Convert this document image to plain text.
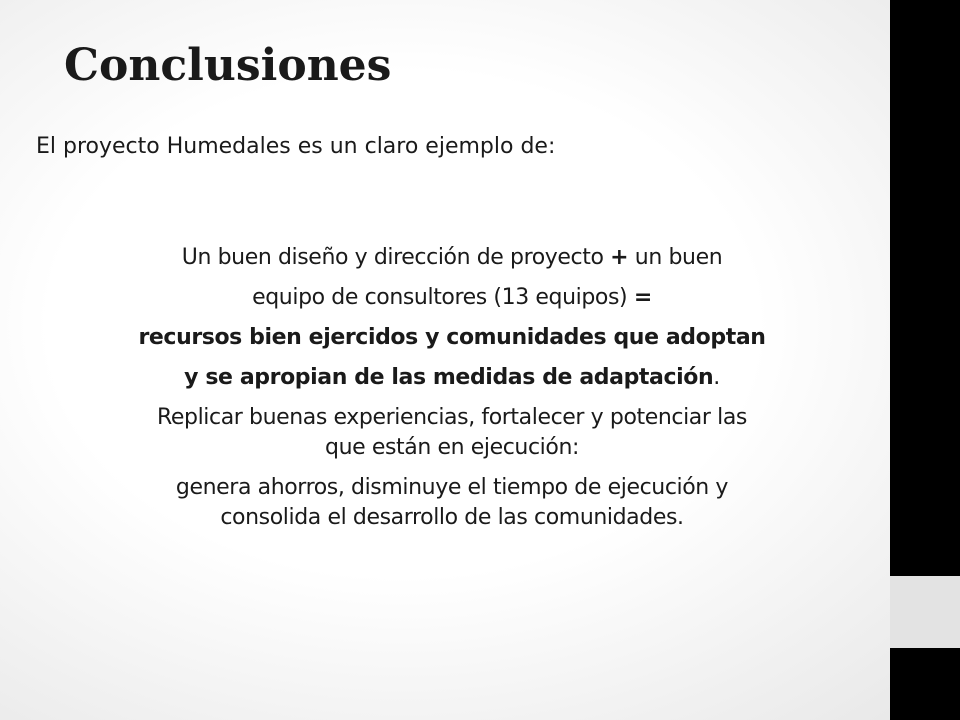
Conclusiones

El proyecto Humedales es un claro ejemplo de:

Un buen diseño y dirección de proyecto + un buen

equipo de consultores (13 equipos) =

recursos bien ejercidos y comunidades que adoptan

y se apropian de las medidas de adaptación.

Replicar buenas experiencias, fortalecer y potenciar las

que están en ejecución:

genera ahorros, disminuye el tiempo de ejecución y

consolida el desarrollo de las comunidades.
